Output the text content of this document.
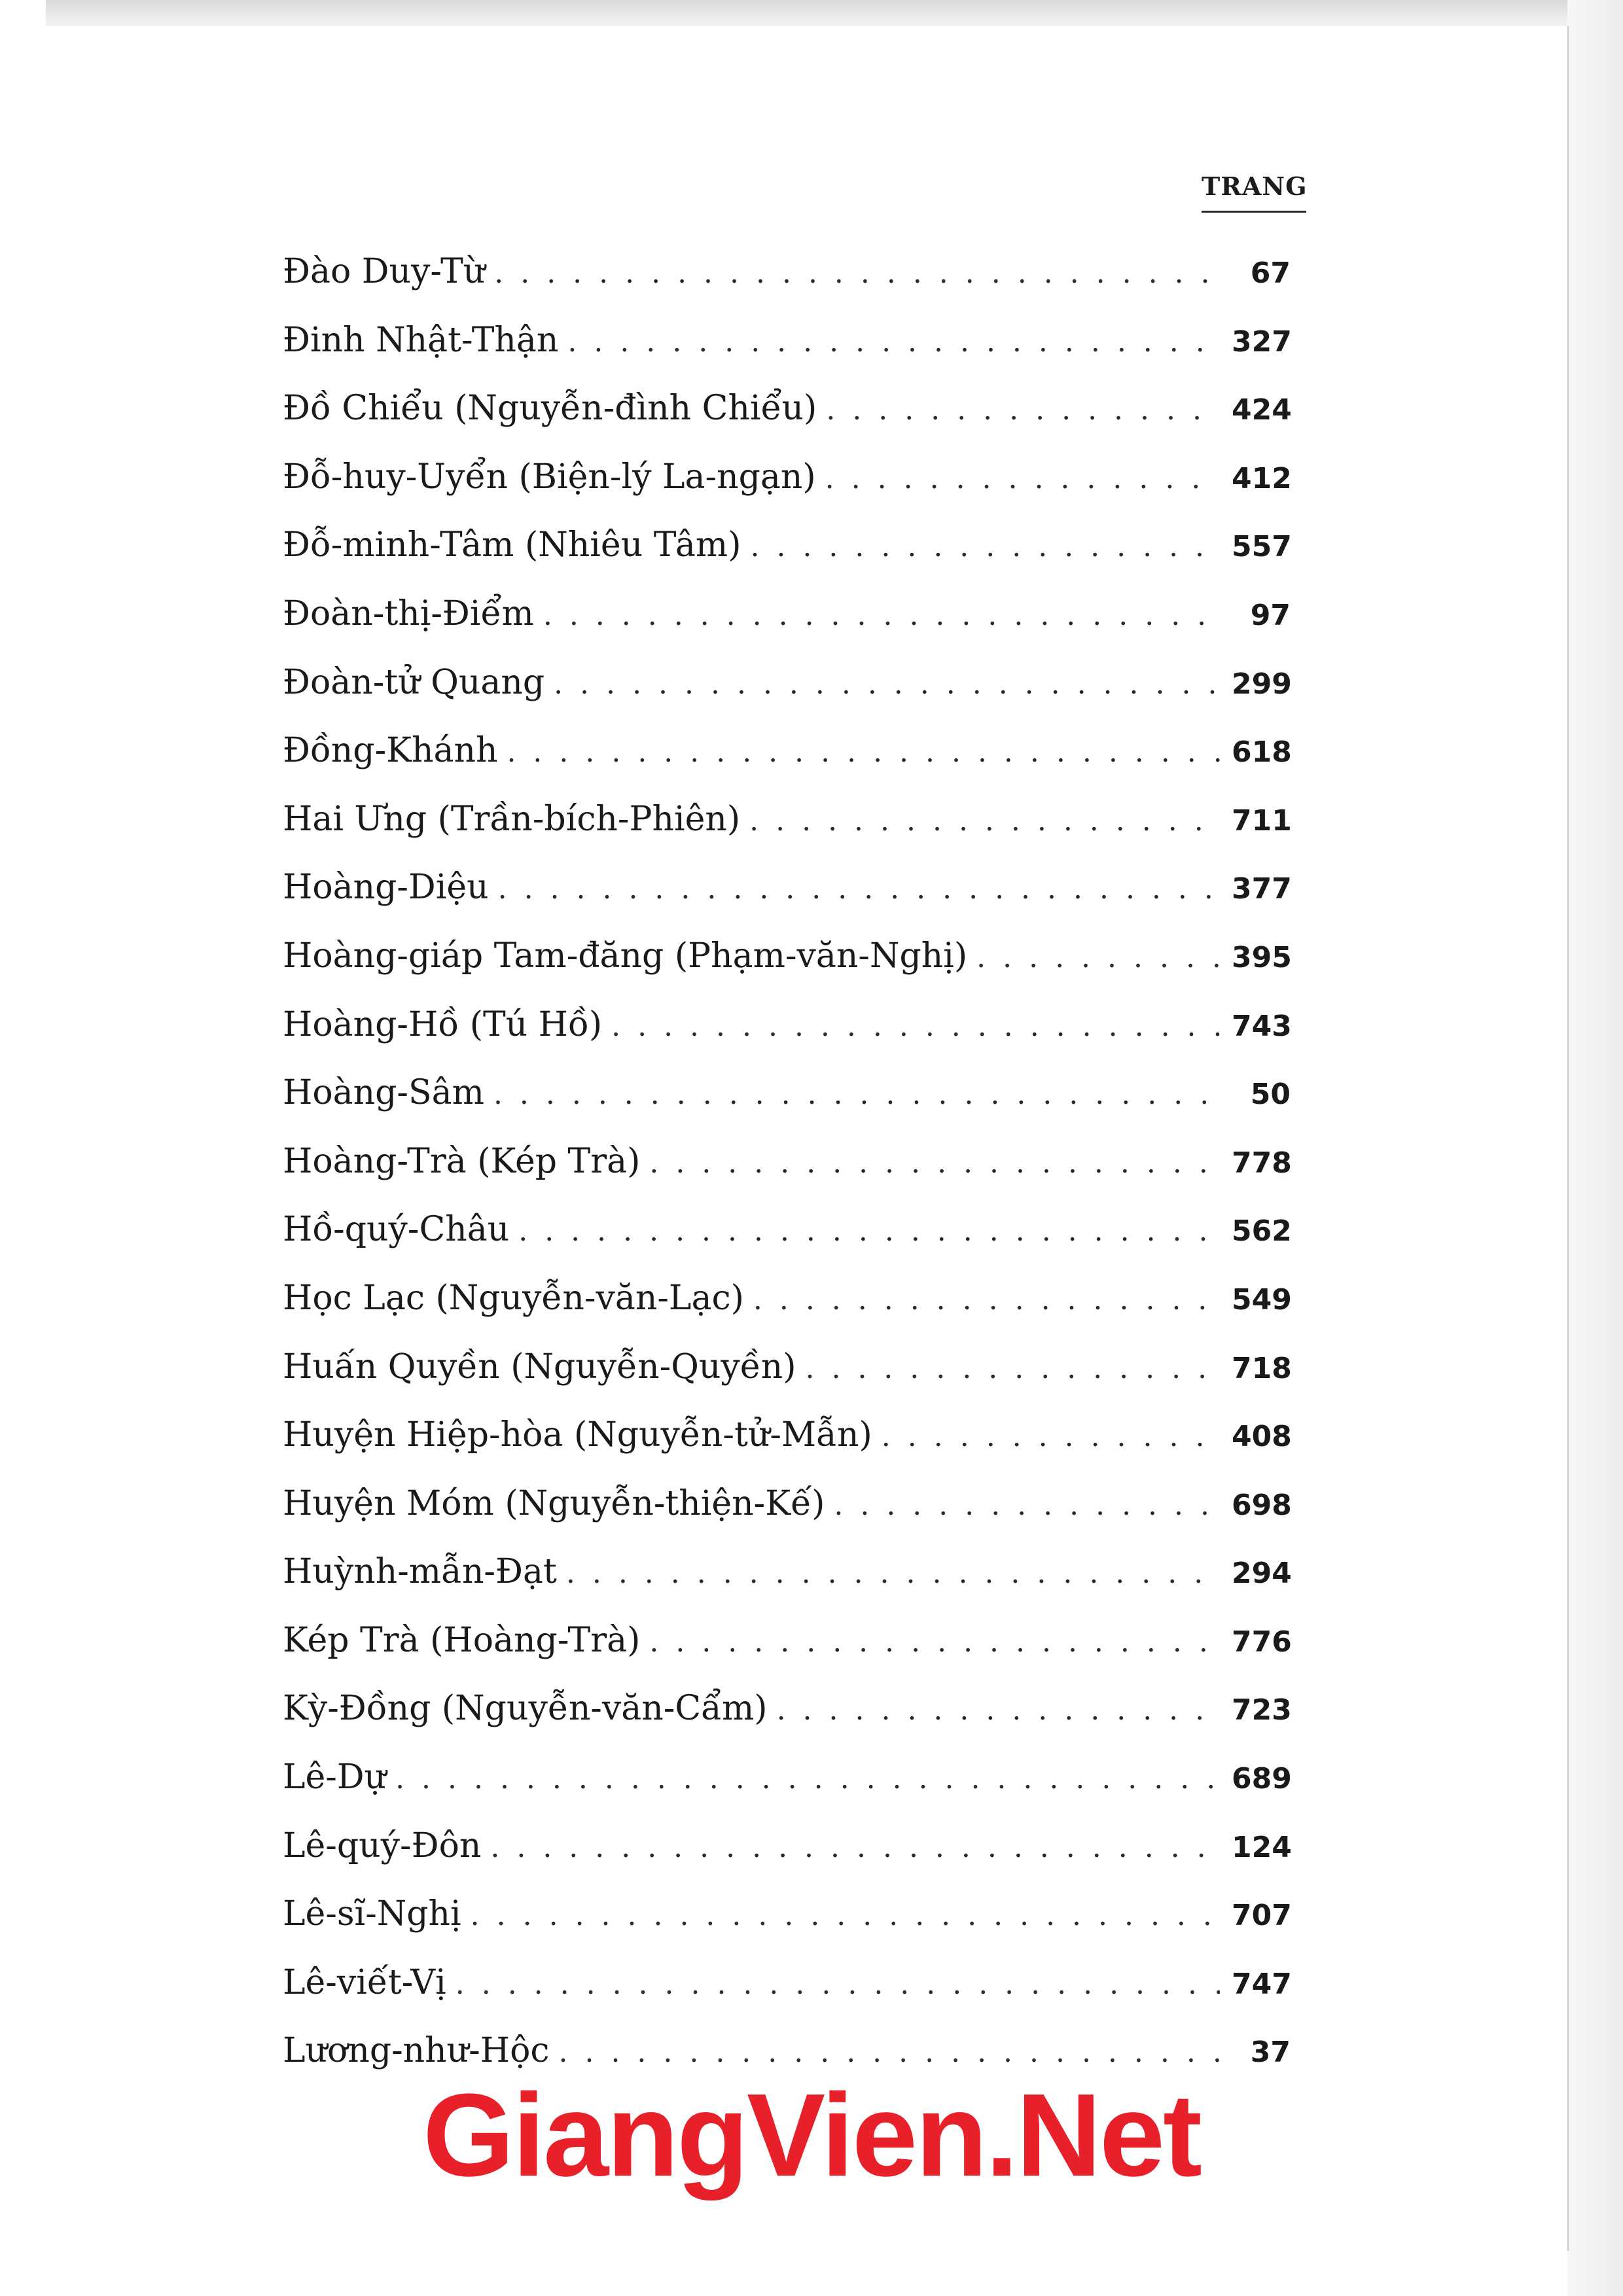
TRANG
Đào Duy-Từ . .	67
Đinh Nhật-Thận . .	327
Đồ Chiểu (Nguyễn-đình Chiểu) . .	424
Đỗ-huy-Uyển (Biện-lý La-ngạn) . .	412
Đỗ-minh-Tâm (Nhiêu Tâm) . .	557
Đoàn-thị-Điểm . .	97
Đoàn-tử Quang . .	299
Đồng-Khánh . .	618
Hai Ưng (Trần-bích-Phiên) . .	711
Hoàng-Diệu . .	377
Hoàng-giáp Tam-đăng (Phạm-văn-Nghị) . .	395
Hoàng-Hồ (Tú Hồ) . .	743
Hoàng-Sâm . .	50
Hoàng-Trà (Kép Trà) . .	778
Hồ-quý-Châu . .	562
Học Lạc (Nguyễn-văn-Lạc) . .	549
Huấn Quyền (Nguyễn-Quyền) . .	718
Huyện Hiệp-hòa (Nguyễn-tử-Mẫn) . .	408
Huyện Móm (Nguyễn-thiện-Kế) . .	698
Huỳnh-mẫn-Đạt . .	294
Kép Trà (Hoàng-Trà) . .	776
Kỳ-Đồng (Nguyễn-văn-Cẩm) . .	723
Lê-Dự . .	689
Lê-quý-Đôn . .	124
Lê-sĩ-Nghị . .	707
Lê-viết-Vị . .	747
Lương-như-Hộc . .	37
GiangVien.Net
